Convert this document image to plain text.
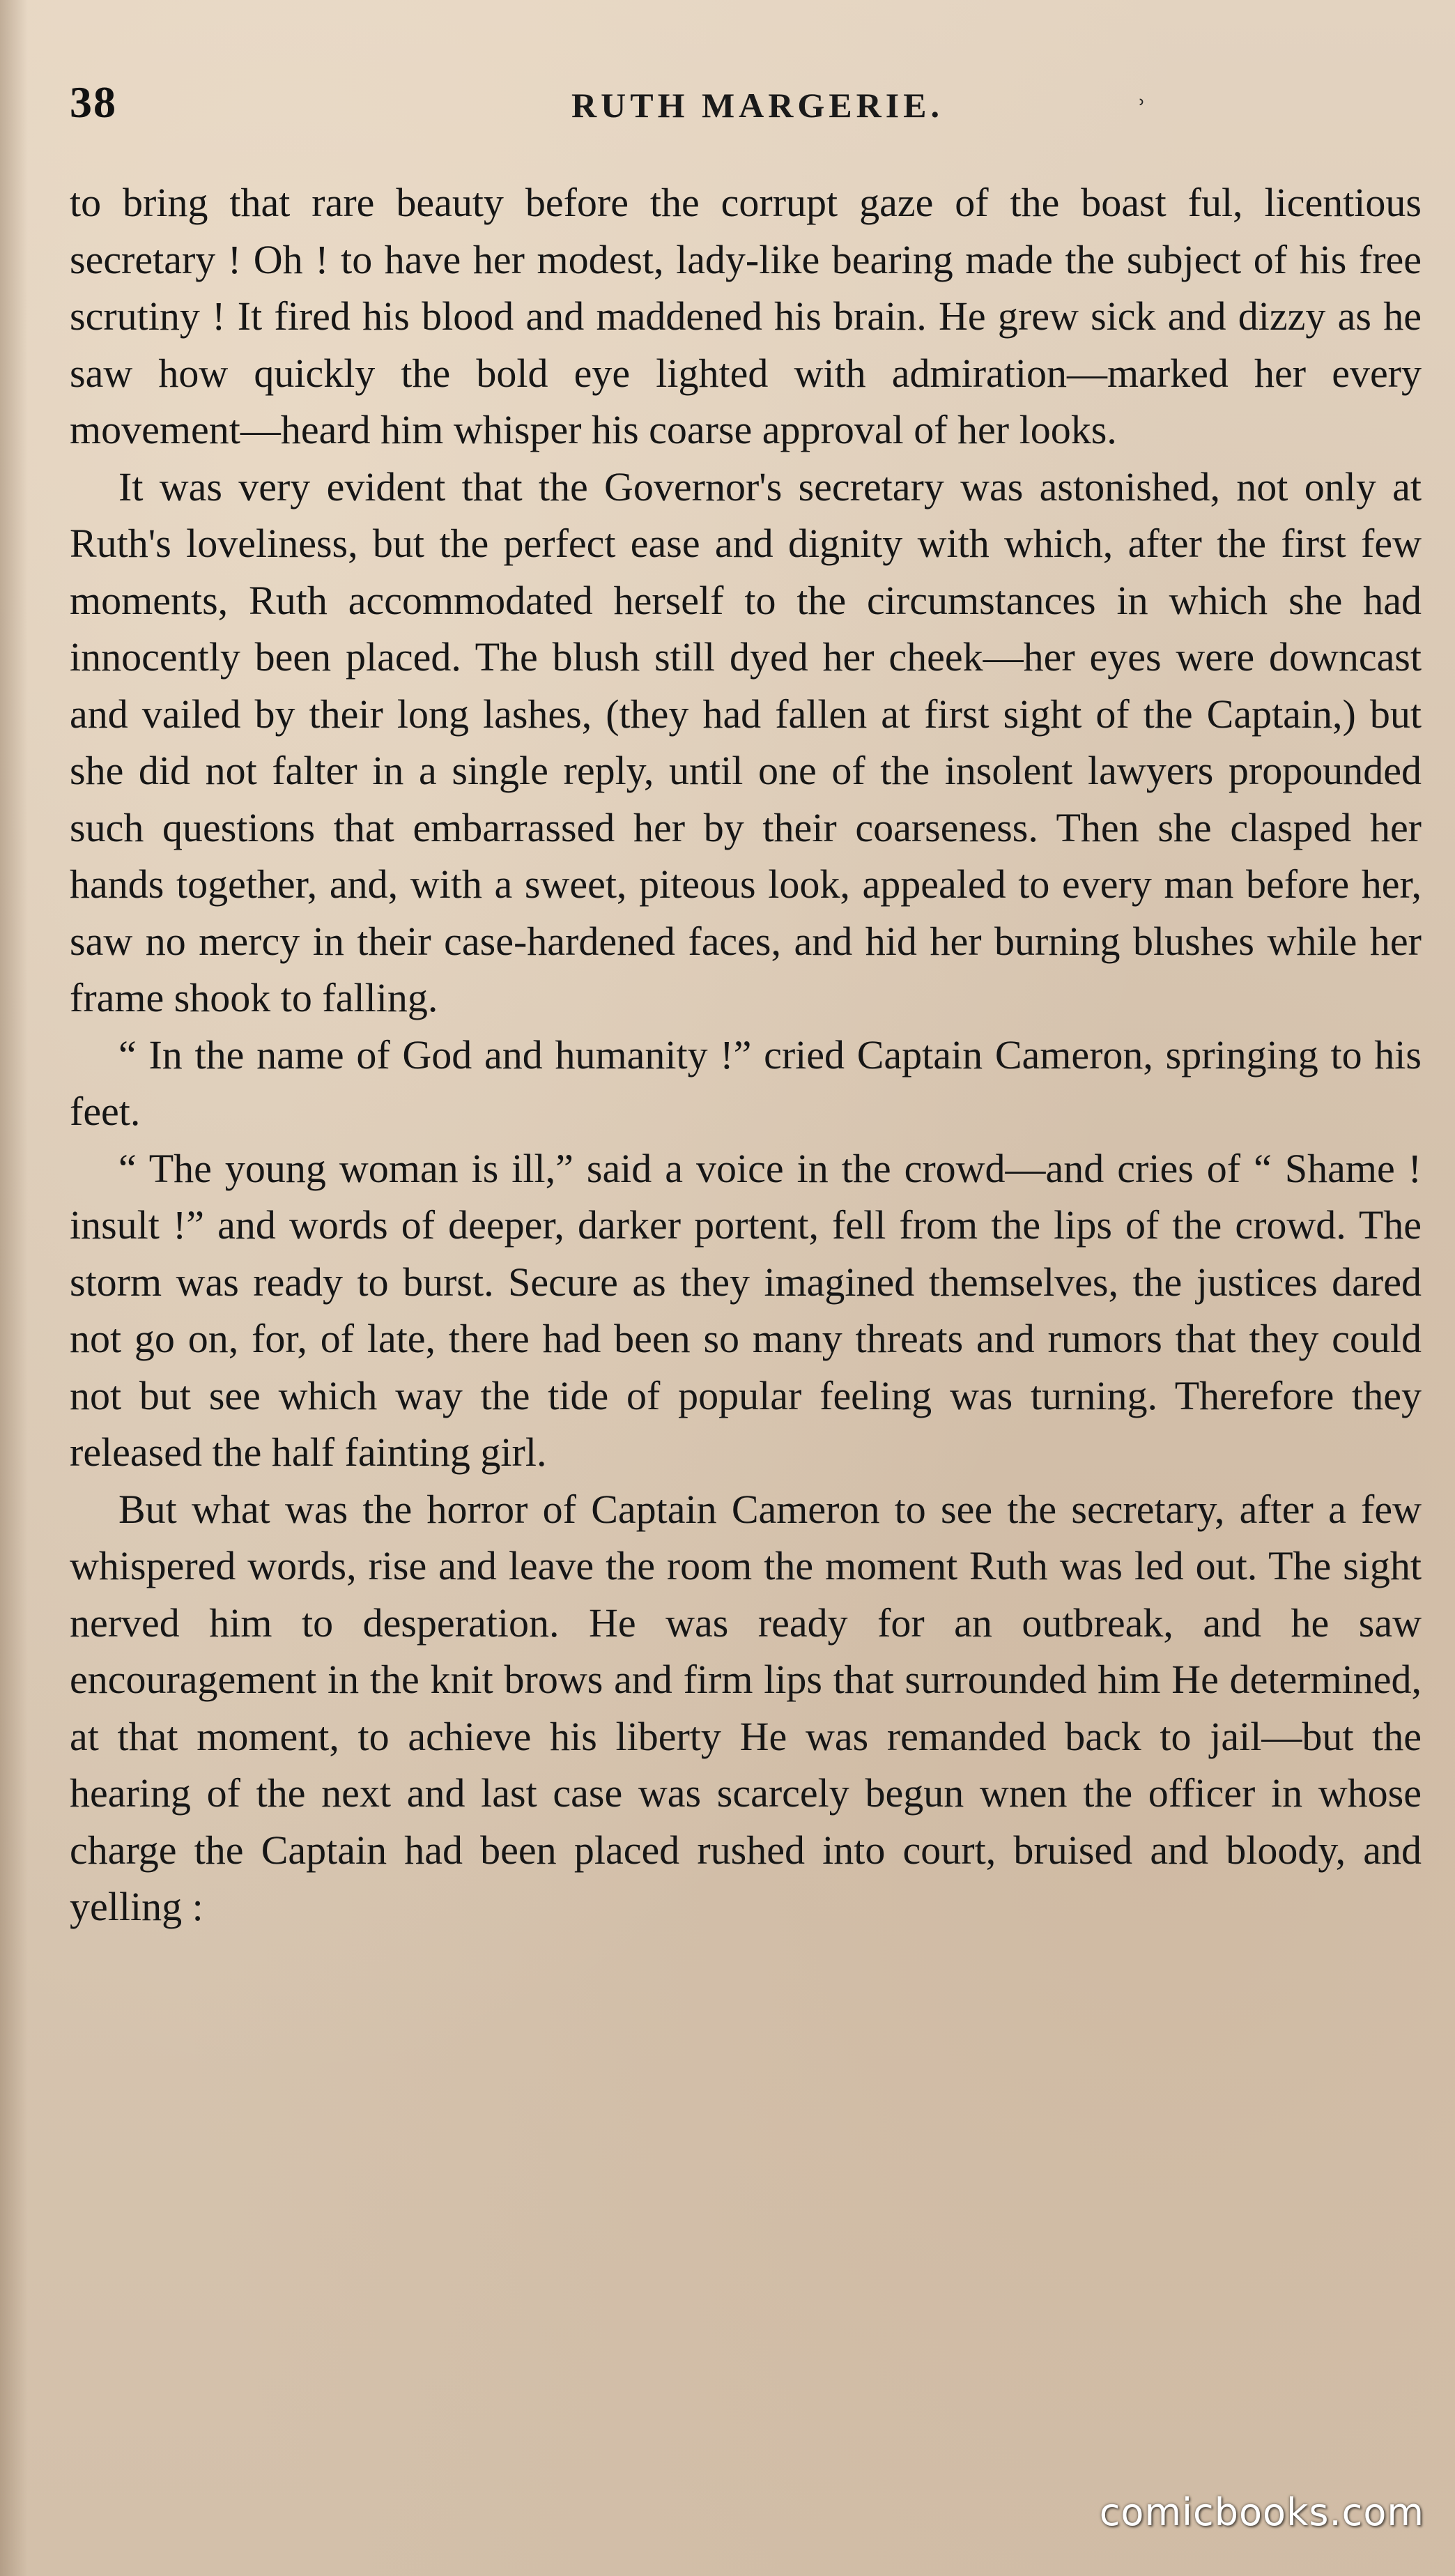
38	RUTH MARGERIE.	˒

to bring that rare beauty before the corrupt gaze of the boast ful, licentious secretary ! Oh ! to have her modest, lady-like bearing made the subject of his free scrutiny ! It fired his blood and maddened his brain. He grew sick and dizzy as he saw how quickly the bold eye lighted with admiration—marked her every movement—heard him whisper his coarse approval of her looks.

It was very evident that the Governor's secretary was astonished, not only at Ruth's loveliness, but the perfect ease and dignity with which, after the first few moments, Ruth accommodated herself to the circumstances in which she had innocently been placed. The blush still dyed her cheek—her eyes were downcast and vailed by their long lashes, (they had fallen at first sight of the Captain,) but she did not falter in a single reply, until one of the insolent lawyers propounded such questions that embarrassed her by their coarseness. Then she clasped her hands together, and, with a sweet, piteous look, appealed to every man before her, saw no mercy in their case-hardened faces, and hid her burning blushes while her frame shook to falling.

“ In the name of God and humanity !” cried Captain Cameron, springing to his feet.

“ The young woman is ill,” said a voice in the crowd—and cries of “ Shame ! insult !” and words of deeper, darker portent, fell from the lips of the crowd. The storm was ready to burst. Secure as they imagined themselves, the justices dared not go on, for, of late, there had been so many threats and rumors that they could not but see which way the tide of popular feeling was turning. Therefore they released the half fainting girl.

But what was the horror of Captain Cameron to see the secretary, after a few whispered words, rise and leave the room the moment Ruth was led out. The sight nerved him to desperation. He was ready for an outbreak, and he saw encouragement in the knit brows and firm lips that surrounded him He determined, at that moment, to achieve his liberty He was remanded back to jail—but the hearing of the next and last case was scarcely begun wnen the officer in whose charge the Captain had been placed rushed into court, bruised and bloody, and yelling :

comicbooks.com
